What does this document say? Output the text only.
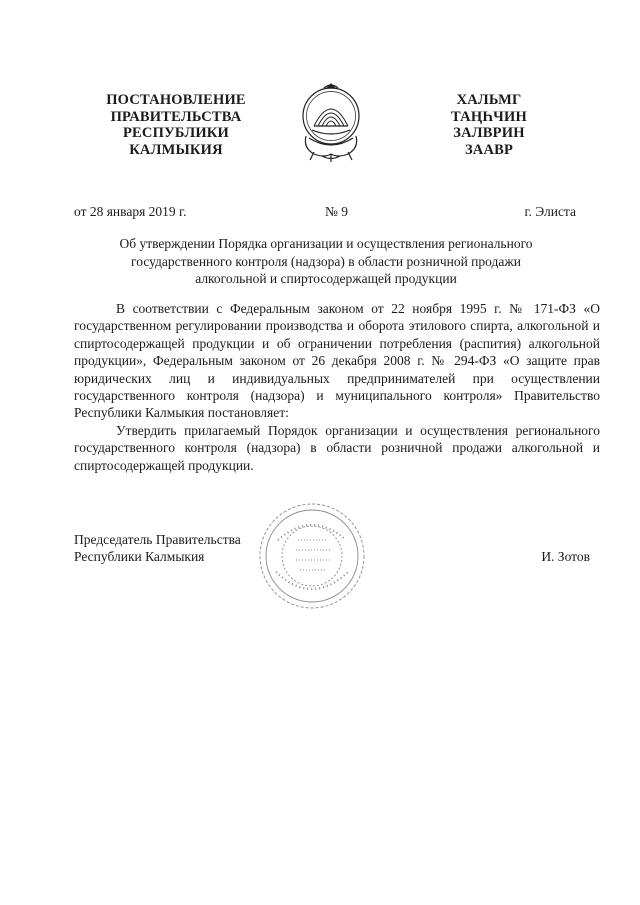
ПОСТАНОВЛЕНИЕ
ПРАВИТЕЛЬСТВА
РЕСПУБЛИКИ
КАЛМЫКИЯ
ХАЛЬМГ
ТАҢҺЧИН
ЗАЛВРИН
ЗААВР
от 28 января 2019 г.	№ 9	г. Элиста
Об утверждении Порядка организации и осуществления регионального
государственного контроля (надзора) в области розничной продажи
алкогольной и спиртосодержащей продукции

В соответствии с Федеральным законом от 22 ноября 1995 г. № 171-ФЗ «О государственном регулировании производства и оборота этилового спирта, алкогольной и спиртосодержащей продукции и об ограничении потребления (распития) алкогольной продукции», Федеральным законом от 26 декабря 2008 г. № 294-ФЗ «О защите прав юридических лиц и индивидуальных предпринимателей при осуществлении государственного контроля (надзора) и муниципального контроля» Правительство Республики Калмыкия постановляет:

Утвердить прилагаемый Порядок организации и осуществления регионального государственного контроля (надзора) в области розничной продажи алкогольной и спиртосодержащей продукции.

Председатель Правительства
Республики Калмыкия	И. Зотов
